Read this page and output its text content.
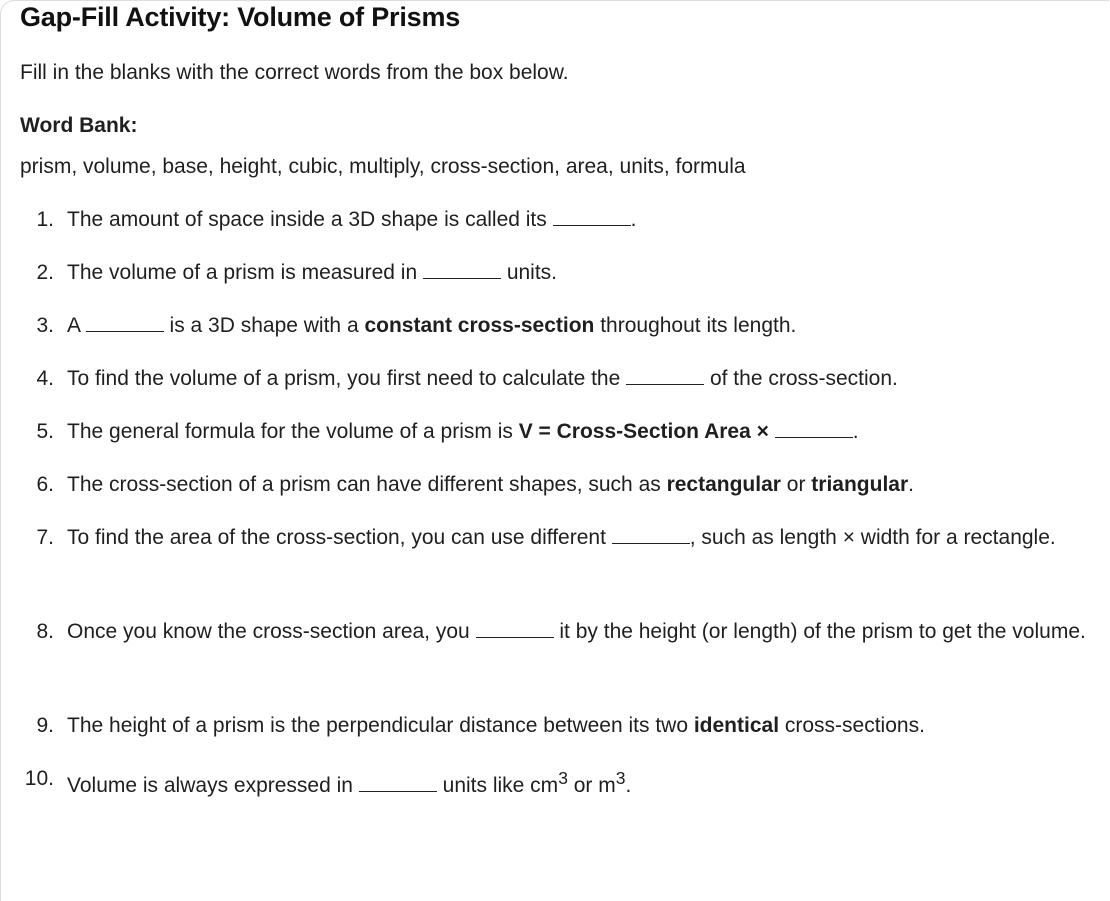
Gap-Fill Activity: Volume of Prisms

Fill in the blanks with the correct words from the box below.

Word Bank:

prism, volume, base, height, cubic, multiply, cross-section, area, units, formula

1. The amount of space inside a 3D shape is called its	.
2. The volume of a prism is measured in	units.
3. A	is a 3D shape with a constant cross-section throughout its length.
4. To find the volume of a prism, you first need to calculate the	of the cross-section.
5. The general formula for the volume of a prism is V = Cross-Section Area ×	.
6. The cross-section of a prism can have different shapes, such as rectangular or triangular.
7. To find the area of the cross-section, you can use different	, such as length × width for a rectangle.
8. Once you know the cross-section area, you	it by the height (or length) of the prism to get the volume.
9. The height of a prism is the perpendicular distance between its two identical cross-sections.
10. Volume is always expressed in	units like $cm^3$ or $m^3$.
